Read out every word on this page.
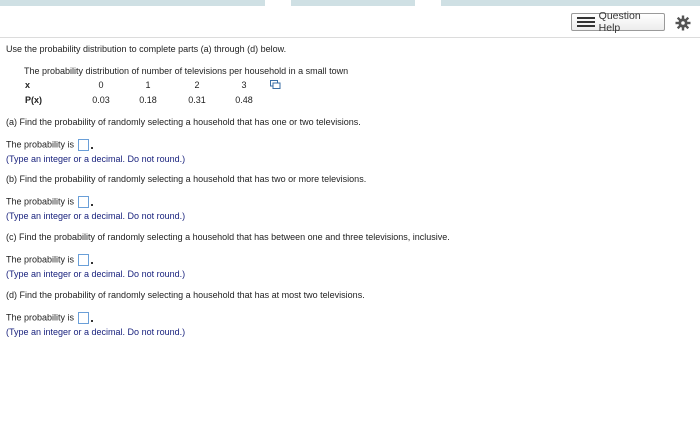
Question Help
Use the probability distribution to complete parts (a) through (d) below.
The probability distribution of number of televisions per household in a small town
x	0	1	2	3
P(x)	0.03	0.18	0.31	0.48
(a) Find the probability of randomly selecting a household that has one or two televisions.
The probability is
(Type an integer or a decimal. Do not round.)
(b) Find the probability of randomly selecting a household that has two or more televisions.
The probability is
(Type an integer or a decimal. Do not round.)
(c) Find the probability of randomly selecting a household that has between one and three televisions, inclusive.
The probability is
(Type an integer or a decimal. Do not round.)
(d) Find the probability of randomly selecting a household that has at most two televisions.
The probability is
(Type an integer or a decimal. Do not round.)
